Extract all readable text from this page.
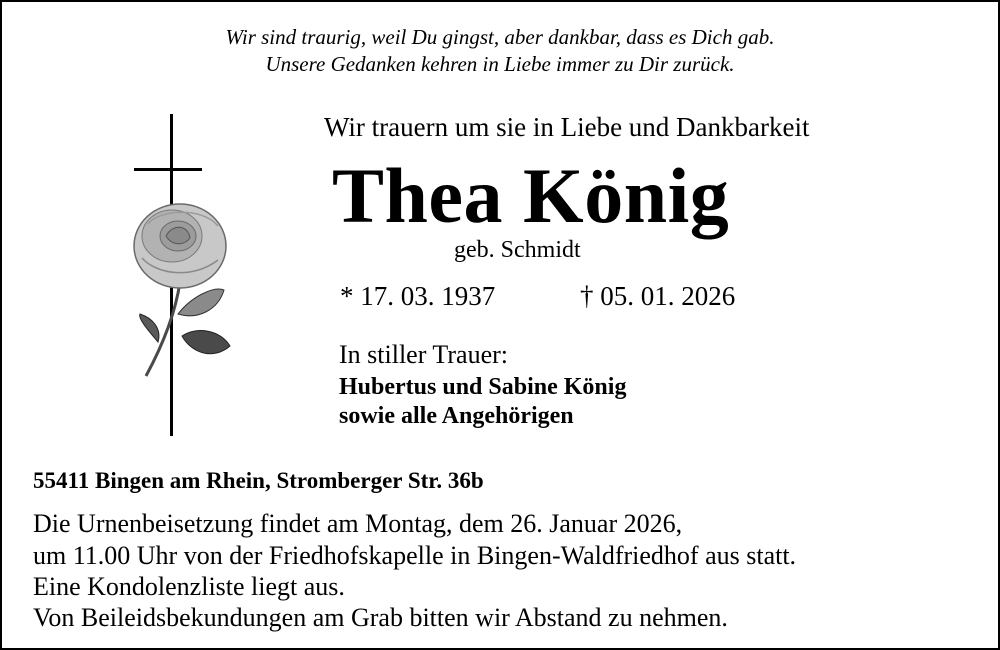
Wir sind traurig, weil Du gingst, aber dankbar, dass es Dich gab.
Unsere Gedanken kehren in Liebe immer zu Dir zurück.
Wir trauern um sie in Liebe und Dankbarkeit
Thea König
geb. Schmidt
* 17. 03. 1937	† 05. 01. 2026
In stiller Trauer:
Hubertus und Sabine König
sowie alle Angehörigen
55411 Bingen am Rhein, Stromberger Str. 36b
Die Urnenbeisetzung findet am Montag, dem 26. Januar 2026,
um 11.00 Uhr von der Friedhofskapelle in Bingen-Waldfriedhof aus statt.
Eine Kondolenzliste liegt aus.
Von Beileidsbekundungen am Grab bitten wir Abstand zu nehmen.
